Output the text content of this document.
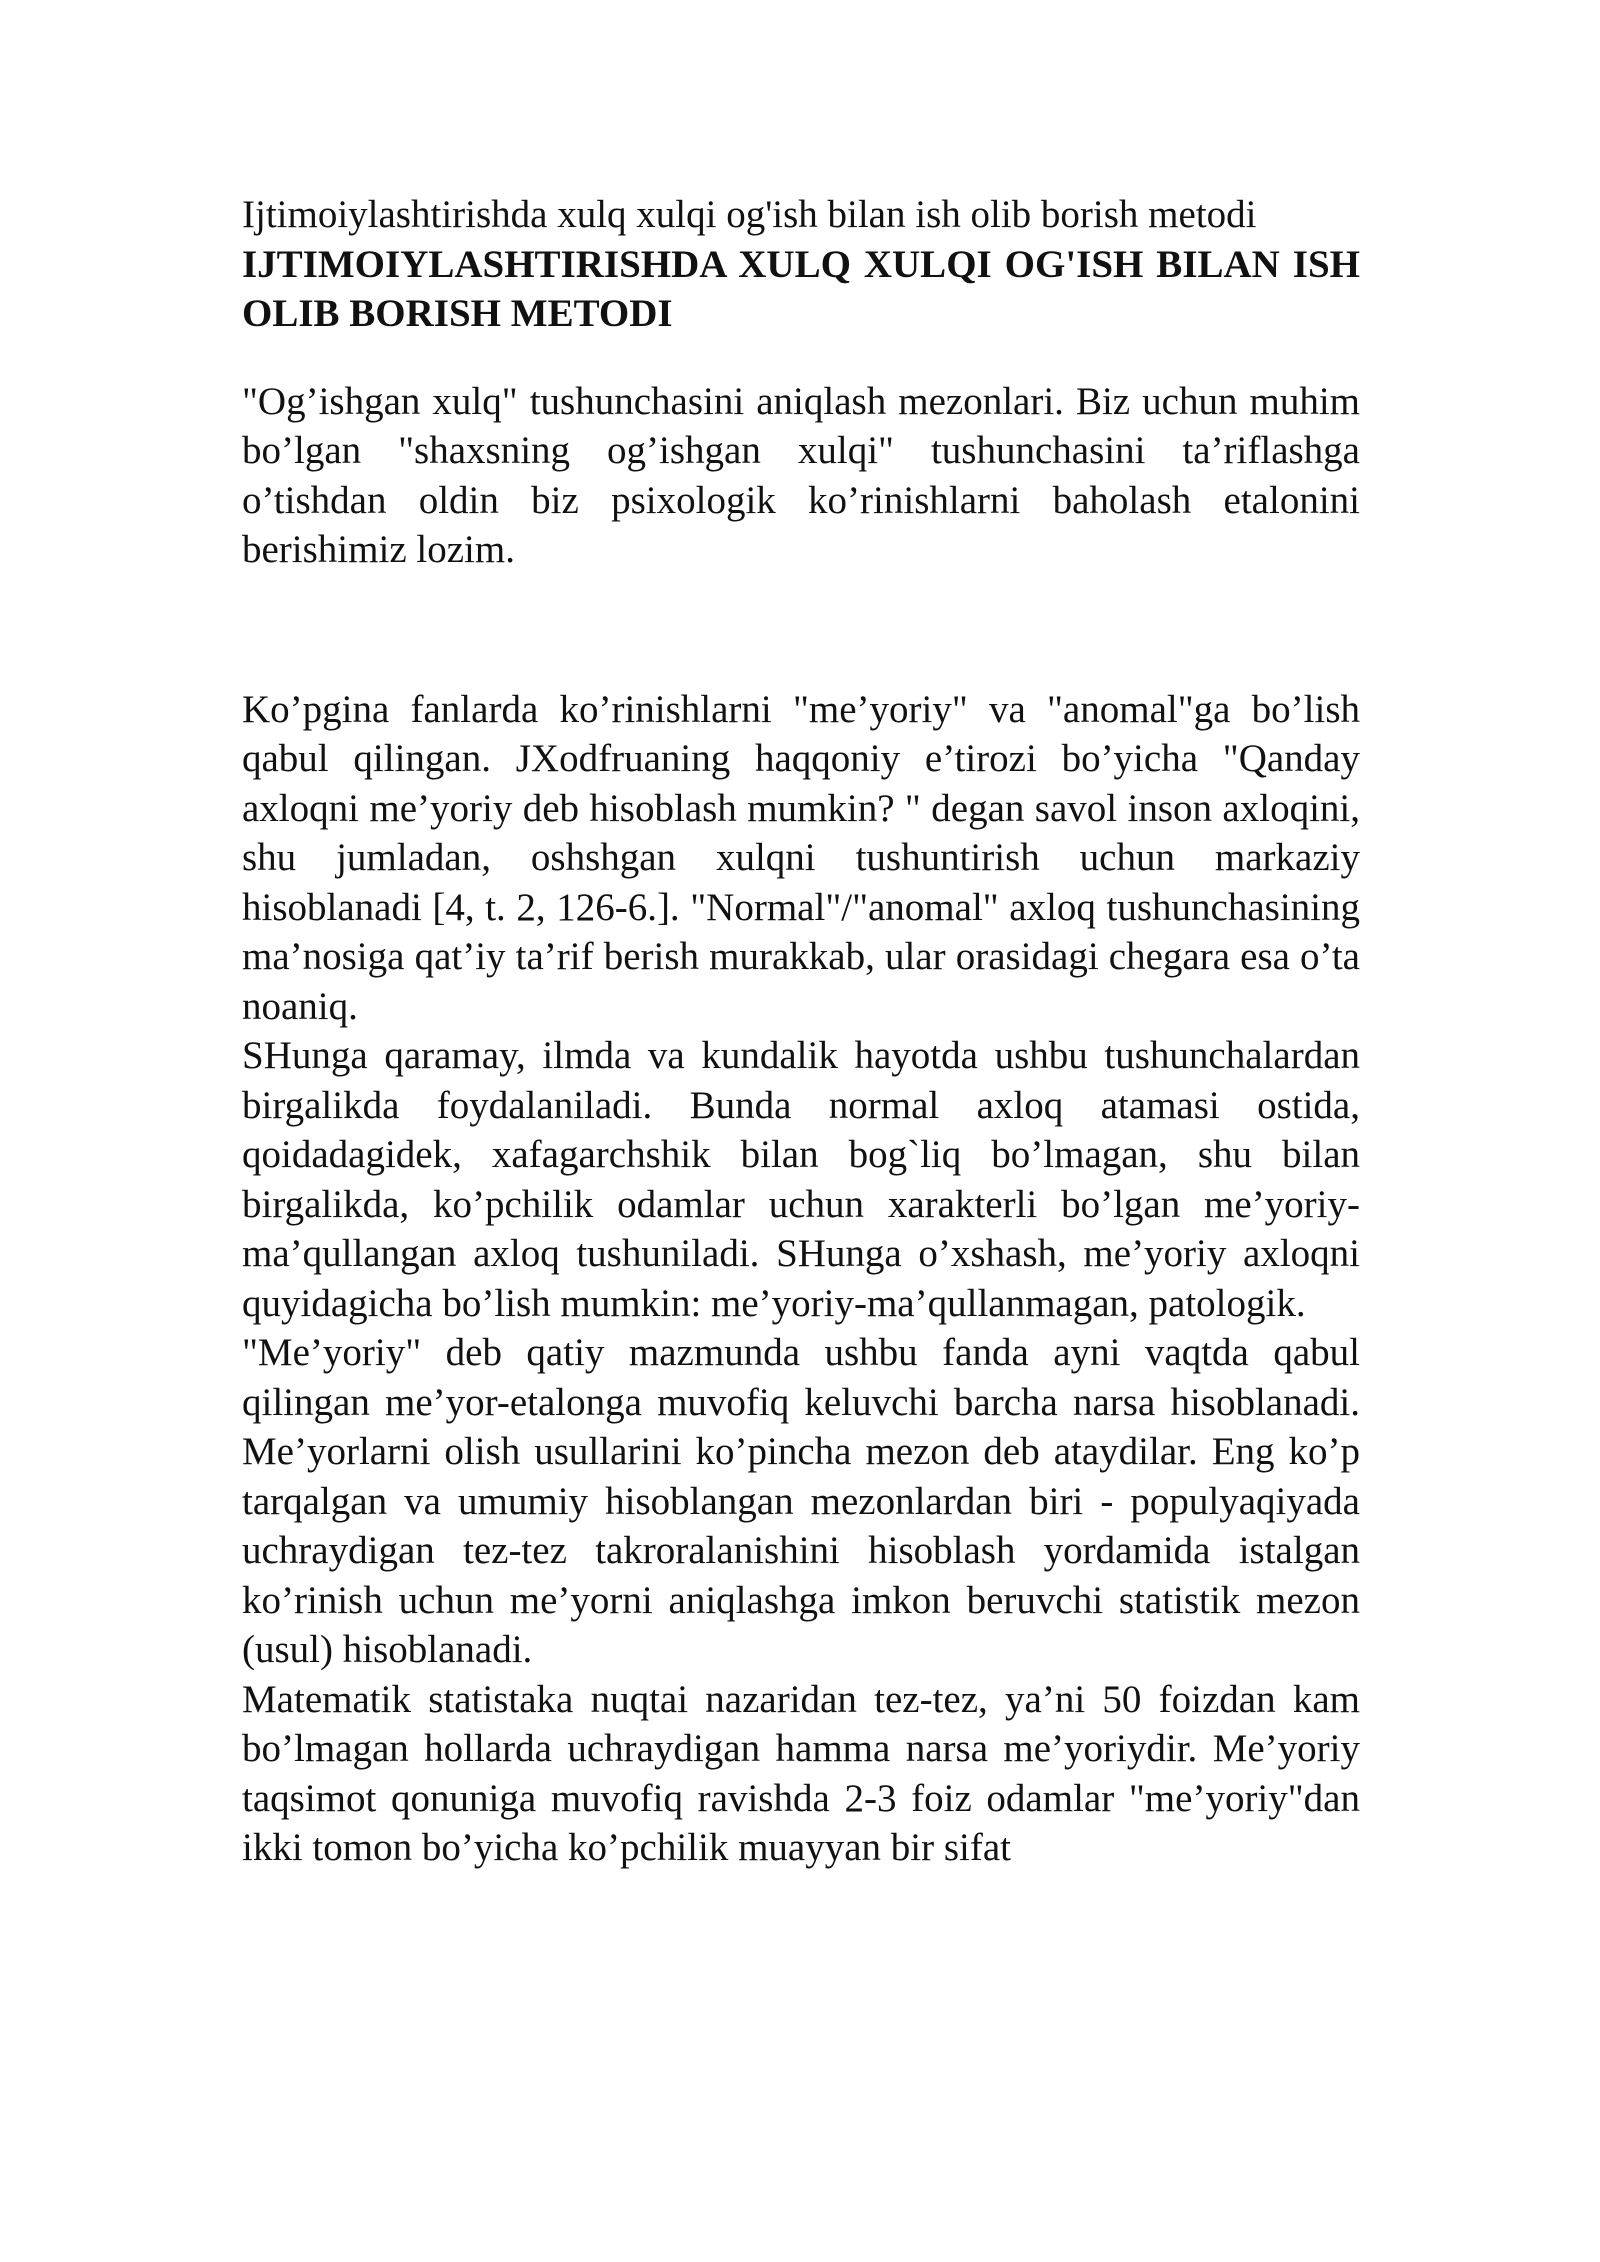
Ijtimoiylashtirishda xulq xulqi og'ish bilan ish olib borish metodi

IJTIMOIYLASHTIRISHDA XULQ XULQI OG'ISH BILAN ISH OLIB BORISH METODI

"Og’ishgan xulq" tushunchasini aniqlash mezonlari. Biz uchun muhim bo’lgan "shaxsning og’ishgan xulqi" tushunchasini ta’riflashga o’tishdan oldin biz psixologik ko’rinishlarni baholash etalonini berishimiz lozim.

Ko’pgina fanlarda ko’rinishlarni "me’yoriy" va "anomal"ga bo’lish qabul qilingan. JXodfruaning haqqoniy e’tirozi bo’yicha "Qanday axloqni me’yoriy deb hisoblash mumkin? " degan savol inson axloqini, shu jumladan, oshshgan xulqni tushuntirish uchun markaziy hisoblanadi [4, t. 2, 126-6.]. "Normal"/"anomal" axloq tushunchasining ma’nosiga qat’iy ta’rif berish murakkab, ular orasidagi chegara esa o’ta noaniq.

SHunga qaramay, ilmda va kundalik hayotda ushbu tushunchalardan birgalikda foydalaniladi. Bunda normal axloq atamasi ostida, qoidadagidek, xafagarchshik bilan bog`liq bo’lmagan, shu bilan birgalikda, ko’pchilik odamlar uchun xarakterli bo’lgan me’yoriy-ma’qullangan axloq tushuniladi. SHunga o’xshash, me’yoriy axloqni quyidagicha bo’lish mumkin: me’yoriy-ma’qullanmagan, patologik.

"Me’yoriy" deb qatiy mazmunda ushbu fanda ayni vaqtda qabul qilingan me’yor-etalonga muvofiq keluvchi barcha narsa hisoblanadi. Me’yorlarni olish usullarini ko’pincha mezon deb ataydilar. Eng ko’p tarqalgan va umumiy hisoblangan mezonlardan biri - populyaqiyada uchraydigan tez-tez takroralanishini hisoblash yordamida istalgan ko’rinish uchun me’yorni aniqlashga imkon beruvchi statistik mezon (usul) hisoblanadi.

Matematik statistaka nuqtai nazaridan tez-tez, ya’ni 50 foizdan kam bo’lmagan hollarda uchraydigan hamma narsa me’yoriydir. Me’yoriy taqsimot qonuniga muvofiq ravishda 2-3 foiz odamlar "me’yoriy"dan ikki tomon bo’yicha ko’pchilik muayyan bir sifat
